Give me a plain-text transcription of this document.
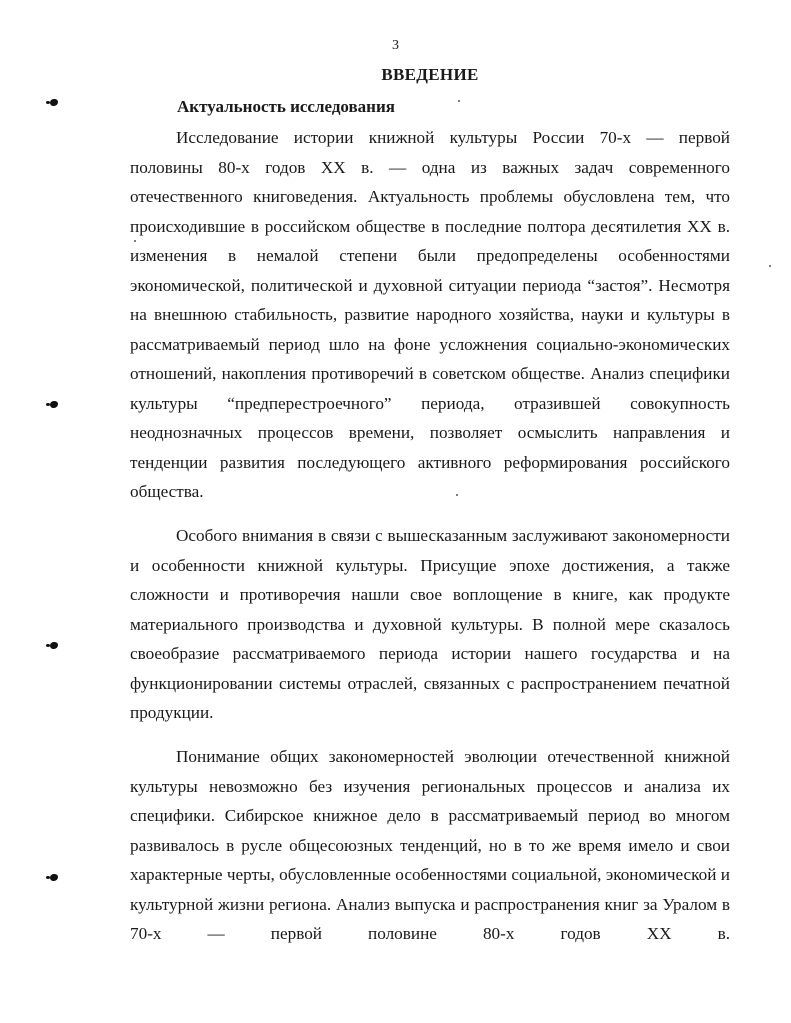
3
ВВЕДЕНИЕ
Актуальность исследования

Исследование истории книжной культуры России 70-х — первой половины 80-х годов XX в. — одна из важных задач современного отечественного книговедения. Актуальность проблемы обусловлена тем, что происходившие в российском обществе в последние полтора десятилетия XX в. изменения в немалой степени были предопределены особенностями экономической, политической и духовной ситуации периода “застоя”. Несмотря на внешнюю стабильность, развитие народного хозяйства, науки и культуры в рассматриваемый период шло на фоне усложнения социально-экономических отношений, накопления противоречий в советском обществе. Анализ специфики культуры “предперестроечного” периода, отразившей совокупность неоднозначных процессов времени, позволяет осмыслить направления и тенденции развития последующего активного реформирования российского общества.

Особого внимания в связи с вышесказанным заслуживают закономерности и особенности книжной культуры. Присущие эпохе достижения, а также сложности и противоречия нашли свое воплощение в книге, как продукте материального производства и духовной культуры. В полной мере сказалось своеобразие рассматриваемого периода истории нашего государства и на функционировании системы отраслей, связанных с распространением печатной продукции.

Понимание общих закономерностей эволюции отечественной книжной культуры невозможно без изучения региональных процессов и анализа их специфики. Сибирское книжное дело в рассматриваемый период во многом развивалось в русле общесоюзных тенденций, но в то же время имело и свои характерные черты, обусловленные особенностями социальной, экономической и культурной жизни региона. Анализ выпуска и распространения книг за Уралом в 70-х — первой половине 80-х годов XX в.
